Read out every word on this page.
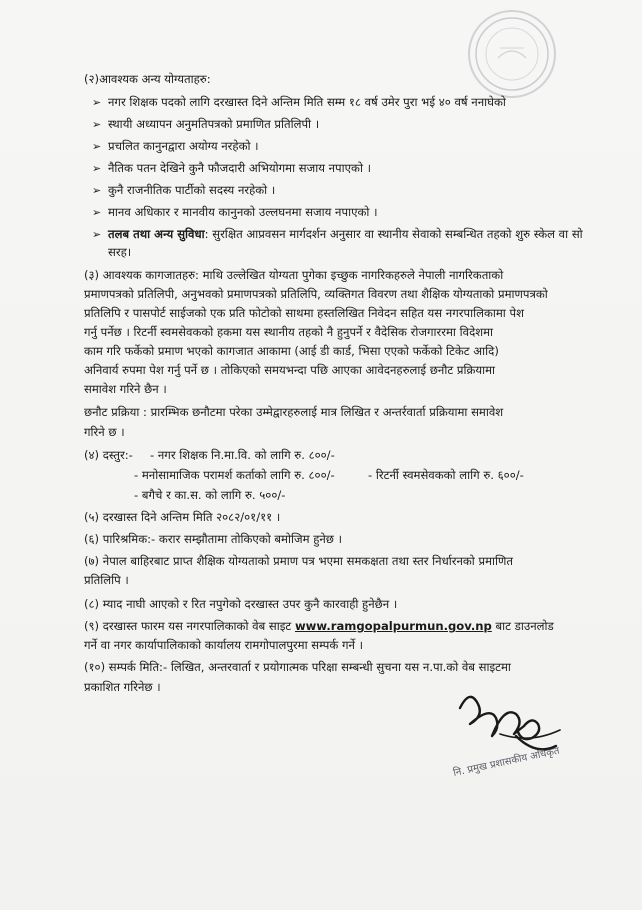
(२)आवश्यक अन्य योग्यताहरु:
➢ नगर शिक्षक पदको लागि दरखास्त दिने अन्तिम मिति सम्म १८ वर्ष उमेर पुरा भई ४० वर्ष ननाघेको
➢ स्थायी अध्यापन अनुमतिपत्रको प्रमाणित प्रतिलिपी ।
➢ प्रचलित कानुनद्वारा अयोग्य नरहेको ।
➢ नैतिक पतन देखिने कुनै फौजदारी अभियोगमा सजाय नपाएको ।
➢ कुनै राजनीतिक पार्टीको सदस्य नरहेको ।
➢ मानव अधिकार र मानवीय कानुनको उल्लघनमा सजाय नपाएको ।
➢ तलब तथा अन्य सुविधा: सुरक्षित आप्रवसन मार्गदर्शन अनुसार वा स्थानीय सेवाको सम्बन्धित तहको शुरु स्केल वा सो
सरह।
(३) आवश्यक कागजातहरु: माथि उल्लेखित योग्यता पुगेका इच्छुक नागरिकहरुले नेपाली नागरिकताको
प्रमाणपत्रको प्रतिलिपी, अनुभवको प्रमाणपत्रको प्रतिलिपि, व्यक्तिगत विवरण तथा शैक्षिक योग्यताको प्रमाणपत्रको
प्रतिलिपि र पासपोर्ट साईजको एक प्रति फोटोको साथमा हस्तलिखित निवेदन सहित यस नगरपालिकामा पेश
गर्नु पर्नेछ । रिटर्नी स्वमसेवकको हकमा यस स्थानीय तहको नै हुनुपर्ने र वैदेसिक रोजगाररमा विदेशमा
काम गरि फर्केको प्रमाण भएको कागजात आकामा (आई डी कार्ड, भिसा एएको फर्केको टिकेट आदि)
अनिवार्य रुपमा पेश गर्नु पर्ने छ । तोकिएको समयभन्दा पछि आएका आवेदनहरुलाई छनौट प्रक्रियामा
समावेश गरिने छैन ।
छनौट प्रक्रिया : प्रारम्भिक छनौटमा परेका उम्मेद्वारहरुलाई मात्र लिखित र अन्तर्रवार्ता प्रक्रियामा समावेश
गरिने छ ।
(४) दस्तुर:- - नगर शिक्षक नि.मा.वि. को लागि रु. ८००/-
- मनोसामाजिक परामर्श कर्ताको लागि रु. ८००/-	- रिटर्नी स्वमसेवकको लागि रु. ६००/-
- बगैचे र का.स. को लागि रु. ५००/-
(५) दरखास्त दिने अन्तिम मिति २०८२/०१/११ ।
(६) पारिश्रमिक:- करार सम्झौतामा तोकिएको बमोजिम हुनेछ ।
(७) नेपाल बाहिरबाट प्राप्त शैक्षिक योग्यताको प्रमाण पत्र भएमा समकक्षता तथा स्तर निर्धारनको प्रमाणित
प्रतिलिपि ।
(८) म्याद नाघी आएको र रित नपुगेको दरखास्त उपर कुनै कारवाही हुनेछैन ।
(९) दरखास्त फारम यस नगरपालिकाको वेब साइट www.ramgopalpurmun.gov.np बाट डाउनलोड
गर्ने वा नगर कार्यापालिकाको कार्यालय रामगोपालपुरमा सम्पर्क गर्ने ।
(१०) सम्पर्क मिति:- लिखित, अन्तरवार्ता र प्रयोगात्मक परिक्षा सम्बन्धी सुचना यस न.पा.को वेब साइटमा
प्रकाशित गरिनेछ ।
नि. प्रमुख प्रशासकीय अधिकृत
